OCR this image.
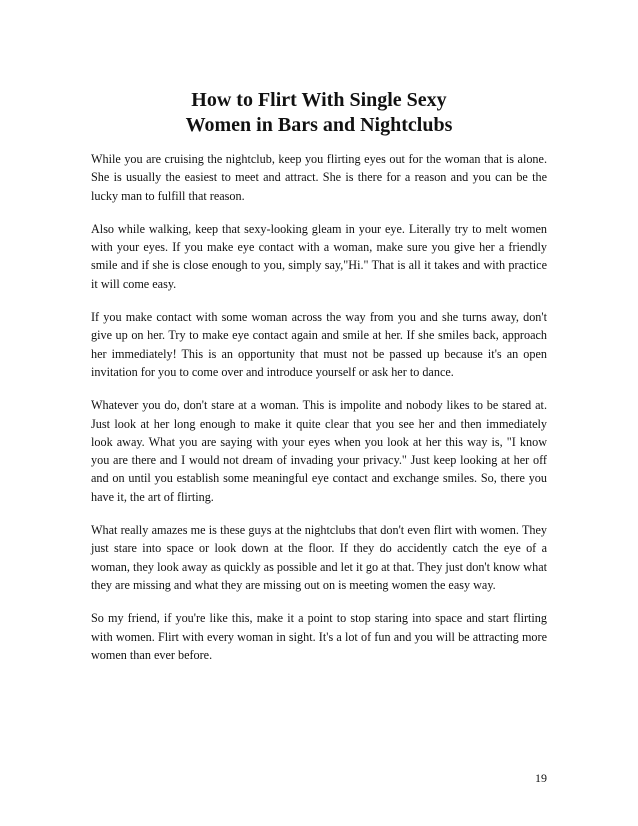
How to Flirt With Single Sexy
Women in Bars and Nightclubs

While you are cruising the nightclub, keep you flirting eyes out for the woman that is alone. She is usually the easiest to meet and attract. She is there for a reason and you can be the lucky man to fulfill that reason.

Also while walking, keep that sexy-looking gleam in your eye. Literally try to melt women with your eyes. If you make eye contact with a woman, make sure you give her a friendly smile and if she is close enough to you, simply say,"Hi." That is all it takes and with practice it will come easy.

If you make contact with some woman across the way from you and she turns away, don't give up on her. Try to make eye contact again and smile at her. If she smiles back, approach her immediately! This is an opportunity that must not be passed up because it's an open invitation for you to come over and introduce yourself or ask her to dance.

Whatever you do, don't stare at a woman. This is impolite and nobody likes to be stared at. Just look at her long enough to make it quite clear that you see her and then immediately look away. What you are saying with your eyes when you look at her this way is, "I know you are there and I would not dream of invading your privacy." Just keep looking at her off and on until you establish some meaningful eye contact and exchange smiles. So, there you have it, the art of flirting.

What really amazes me is these guys at the nightclubs that don't even flirt with women. They just stare into space or look down at the floor. If they do accidently catch the eye of a woman, they look away as quickly as possible and let it go at that. They just don't know what they are missing and what they are missing out on is meeting women the easy way.

So my friend, if you're like this, make it a point to stop staring into space and start flirting with women. Flirt with every woman in sight. It's a lot of fun and you will be attracting more women than ever before.

19
